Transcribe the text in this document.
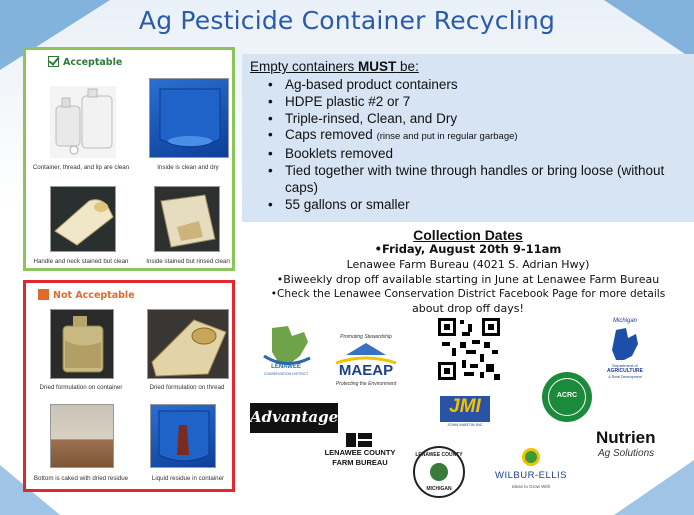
Ag Pesticide Container Recycling
Acceptable
Container, thread, and lip are clean	Inside is clean and dry
Handle and neck stained but clean	Inside stained but rinsed clean
Not Acceptable
Dried formulation on container	Dried formulation on thread
Bottom is caked with dried residue	Liquid residue in container
Empty containers MUST be:
• Ag-based product containers
• HDPE plastic #2 or 7
• Triple-rinsed, Clean, and Dry
• Caps removed (rinse and put in regular garbage)
• Booklets removed
• Tied together with twine through handles or bring loose (without caps)
• 55 gallons or smaller
Collection Dates
•Friday, August 20th 9-11am
Lenawee Farm Bureau (4021 S. Adrian Hwy)
•Biweekly drop off available starting in June at Lenawee Farm Bureau
•Check the Lenawee Conservation District Facebook Page for more details
about drop off days!
LENAWEE
CONSERVATION DISTRICT
Promoting Stewardship
MAEAP
Protecting the Environment
Michigan
Department of
AGRICULTURE
& Rural Development
Advantage	JMI
JOHN MARTIN INC
ACRC
LENAWEE COUNTY
FARM BUREAU
LENAWEE COUNTY
MICHIGAN
WILBUR-ELLIS
Ideas to Grow With
Nutrien
Ag Solutions
